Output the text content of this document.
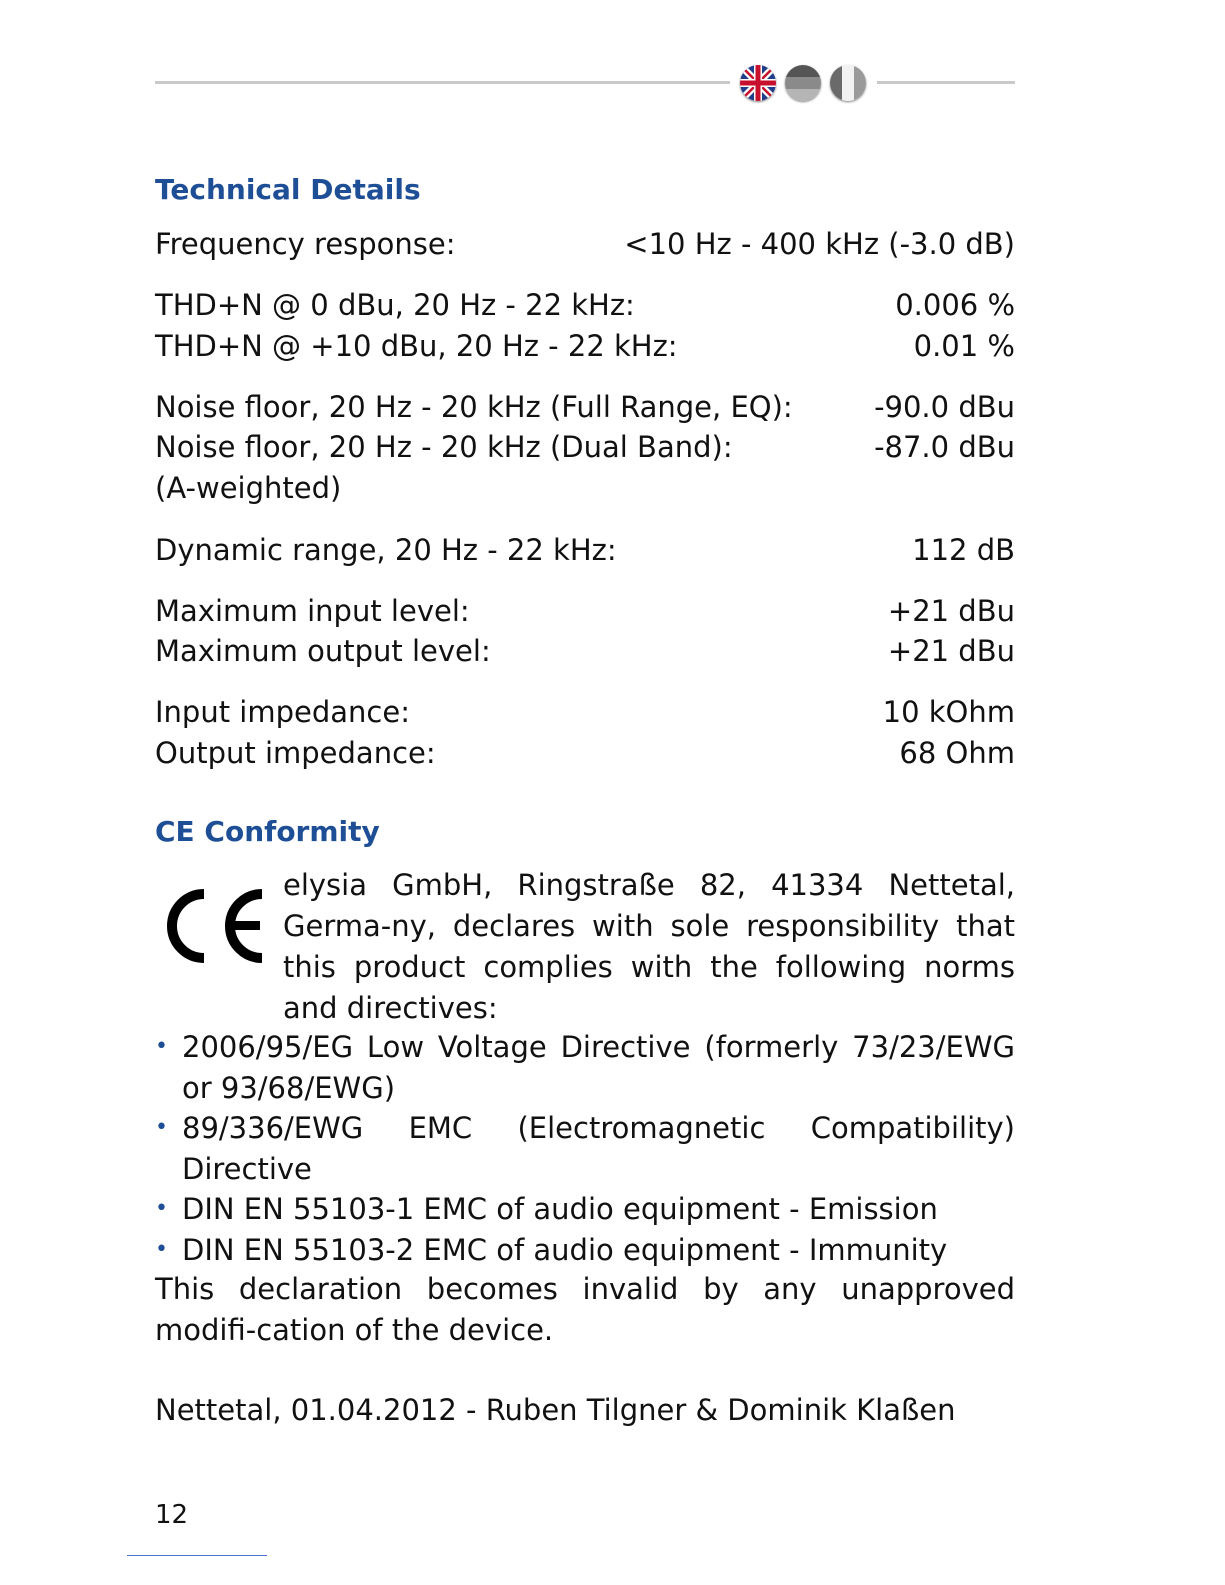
Technical Details
Frequency response:	<10 Hz - 400 kHz (-3.0 dB)
THD+N @ 0 dBu, 20 Hz - 22 kHz:	0.006 %
THD+N @ +10 dBu, 20 Hz - 22 kHz:	0.01 %
Noise floor, 20 Hz - 20 kHz (Full Range, EQ):	-90.0 dBu
Noise floor, 20 Hz - 20 kHz (Dual Band):	-87.0 dBu
(A-weighted)
Dynamic range, 20 Hz - 22 kHz:	112 dB
Maximum input level:	+21 dBu
Maximum output level:	+21 dBu
Input impedance:	10 kOhm
Output impedance:	68 Ohm
CE Conformity

elysia GmbH, Ringstraße 82, 41334 Nettetal, Germa-ny, declares with sole responsibility that this product complies with the following norms and directives:

• 2006/95/EG Low Voltage Directive (formerly 73/23/EWG or 93/68/EWG)
• 89/336/EWG EMC (Electromagnetic Compatibility) Directive
• DIN EN 55103-1 EMC of audio equipment - Emission
• DIN EN 55103-2 EMC of audio equipment - Immunity

This declaration becomes invalid by any unapproved modifi-cation of the device.

Nettetal, 01.04.2012 - Ruben Tilgner & Dominik Klaßen

12
